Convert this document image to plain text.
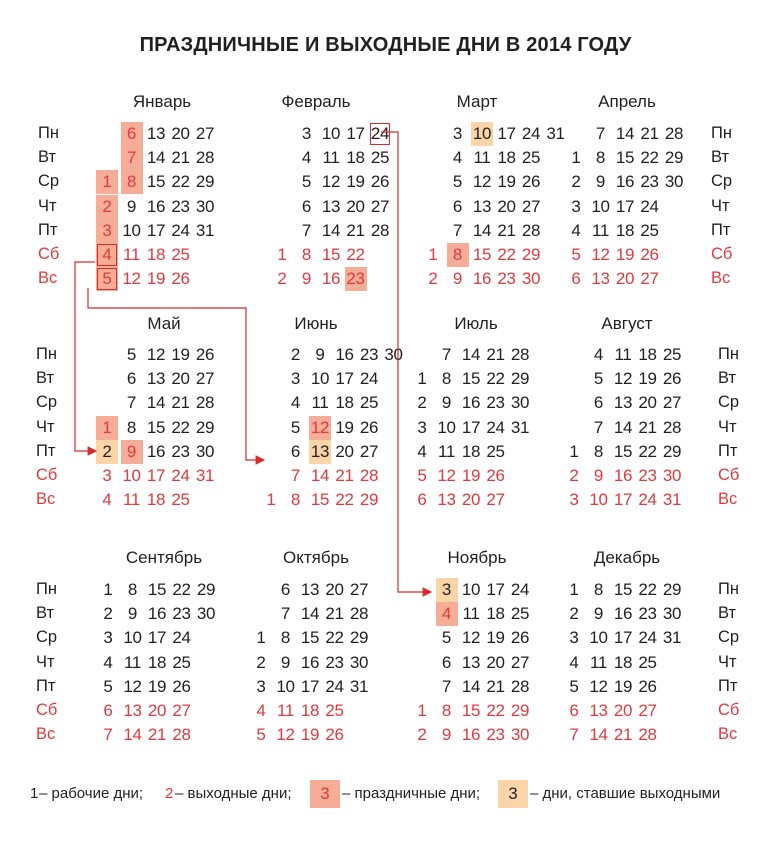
ПРАЗДНИЧНЫЕ И ВЫХОДНЫЕ ДНИ В 2014 ГОДУ
Пн
Вт
Ср
Чт
Пт
Сб
Вс
Пн
Вт
Ср
Чт
Пт
Сб
Вс
Пн
Вт
Ср
Чт
Пт
Сб
Вс
Пн
Вт
Ср
Чт
Пт
Сб
Вс
Пн
Вт
Ср
Чт
Пт
Сб
Вс
Пн
Вт
Ср
Чт
Пт
Сб
Вс
Январь
1
2
3
4
5
6
7
8
9
10
11
12
13
14
15
16
17
18
19
20
21
22
23
24
25
26
27
28
29
30
31
Февраль
1
2
3
4
5
6
7
8
9
10
11
12
13
14
15
16
17
18
19
20
21
22
23
24
25
26
27
28
Март
1
2
3
4
5
6
7
8
9
10
11
12
13
14
15
16
17
18
19
20
21
22
23
24
25
26
27
28
29
30
31
Апрель
1
2
3
4
5
6
7
8
9
10
11
12
13
14
15
16
17
18
19
20
21
22
23
24
25
26
27
28
29
30
Май
1
2
3
4
5
6
7
8
9
10
11
12
13
14
15
16
17
18
19
20
21
22
23
24
25
26
27
28
29
30
31
Июнь
1
2
3
4
5
6
7
8
9
10
11
12
13
14
15
16
17
18
19
20
21
22
23
24
25
26
27
28
29
30
Июль
1
2
3
4
5
6
7
8
9
10
11
12
13
14
15
16
17
18
19
20
21
22
23
24
25
26
27
28
29
30
31
Август
1
2
3
4
5
6
7
8
9
10
11
12
13
14
15
16
17
18
19
20
21
22
23
24
25
26
27
28
29
30
31
Сентябрь
1
2
3
4
5
6
7
8
9
10
11
12
13
14
15
16
17
18
19
20
21
22
23
24
25
26
27
28
29
30
Октябрь
1
2
3
4
5
6
7
8
9
10
11
12
13
14
15
16
17
18
19
20
21
22
23
24
25
26
27
28
29
30
31
Ноябрь
1
2
3
4
5
6
7
8
9
10
11
12
13
14
15
16
17
18
19
20
21
22
23
24
25
26
27
28
29
30
Декабрь
1
2
3
4
5
6
7
8
9
10
11
12
13
14
15
16
17
18
19
20
21
22
23
24
25
26
27
28
29
30
31
1 – рабочие дни; 2 – выходные дни;	3 – праздничные дни;	3 – дни, ставшие выходными
